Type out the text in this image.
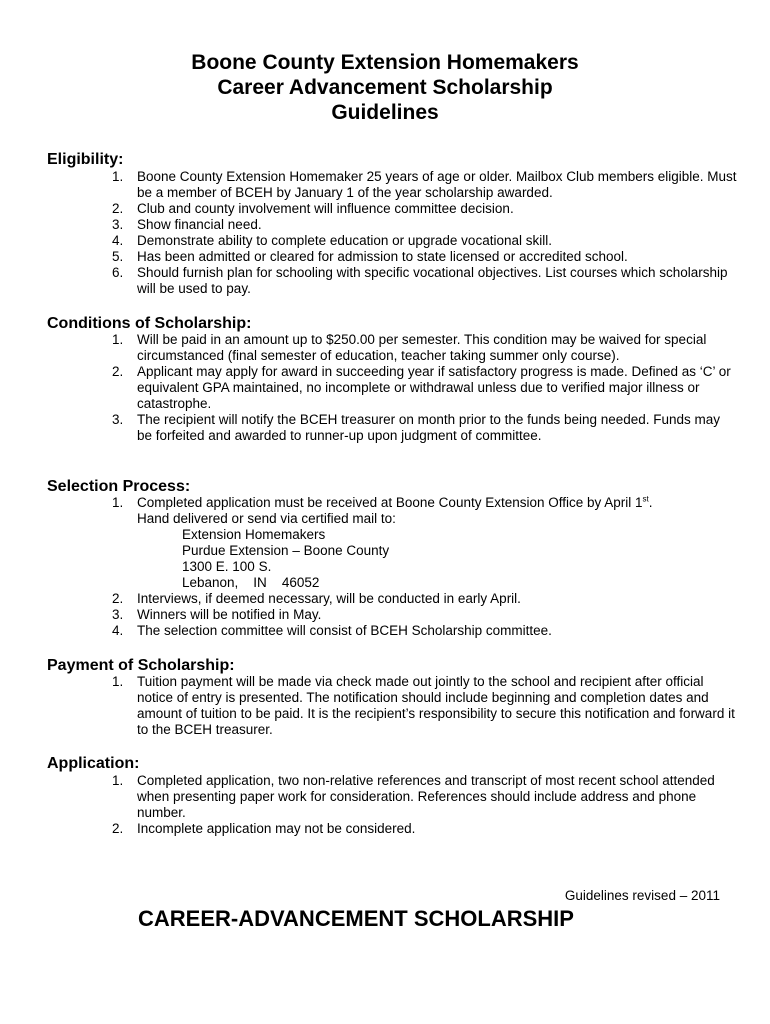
Boone County Extension Homemakers
Career Advancement Scholarship
Guidelines
Eligibility:
1.	Boone County Extension Homemaker 25 years of age or older. Mailbox Club members eligible. Must be a member of BCEH by January 1 of the year scholarship awarded.
2.	Club and county involvement will influence committee decision.
3.	Show financial need.
4.	Demonstrate ability to complete education or upgrade vocational skill.
5.	Has been admitted or cleared for admission to state licensed or accredited school.
6.	Should furnish plan for schooling with specific vocational objectives. List courses which scholarship will be used to pay.
Conditions of Scholarship:
1.	Will be paid in an amount up to $250.00 per semester. This condition may be waived for special circumstanced (final semester of education, teacher taking summer only course).
2.	Applicant may apply for award in succeeding year if satisfactory progress is made. Defined as ‘C’ or equivalent GPA maintained, no incomplete or withdrawal unless due to verified major illness or catastrophe.
3.	The recipient will notify the BCEH treasurer on month prior to the funds being needed. Funds may be forfeited and awarded to runner-up upon judgment of committee.
Selection Process:
1.	Completed application must be received at Boone County Extension Office by April 1st.
Hand delivered or send via certified mail to:
Extension Homemakers
Purdue Extension – Boone County
1300 E. 100 S.
Lebanon,    IN    46052
2.	Interviews, if deemed necessary, will be conducted in early April.
3.	Winners will be notified in May.
4.	The selection committee will consist of BCEH Scholarship committee.
Payment of Scholarship:
1.	Tuition payment will be made via check made out jointly to the school and recipient after official notice of entry is presented. The notification should include beginning and completion dates and amount of tuition to be paid. It is the recipient’s responsibility to secure this notification and forward it to the BCEH treasurer.
Application:
1.	Completed application, two non-relative references and transcript of most recent school attended when presenting paper work for consideration. References should include address and phone number.
2.	Incomplete application may not be considered.
Guidelines revised – 2011
CAREER-ADVANCEMENT SCHOLARSHIP
